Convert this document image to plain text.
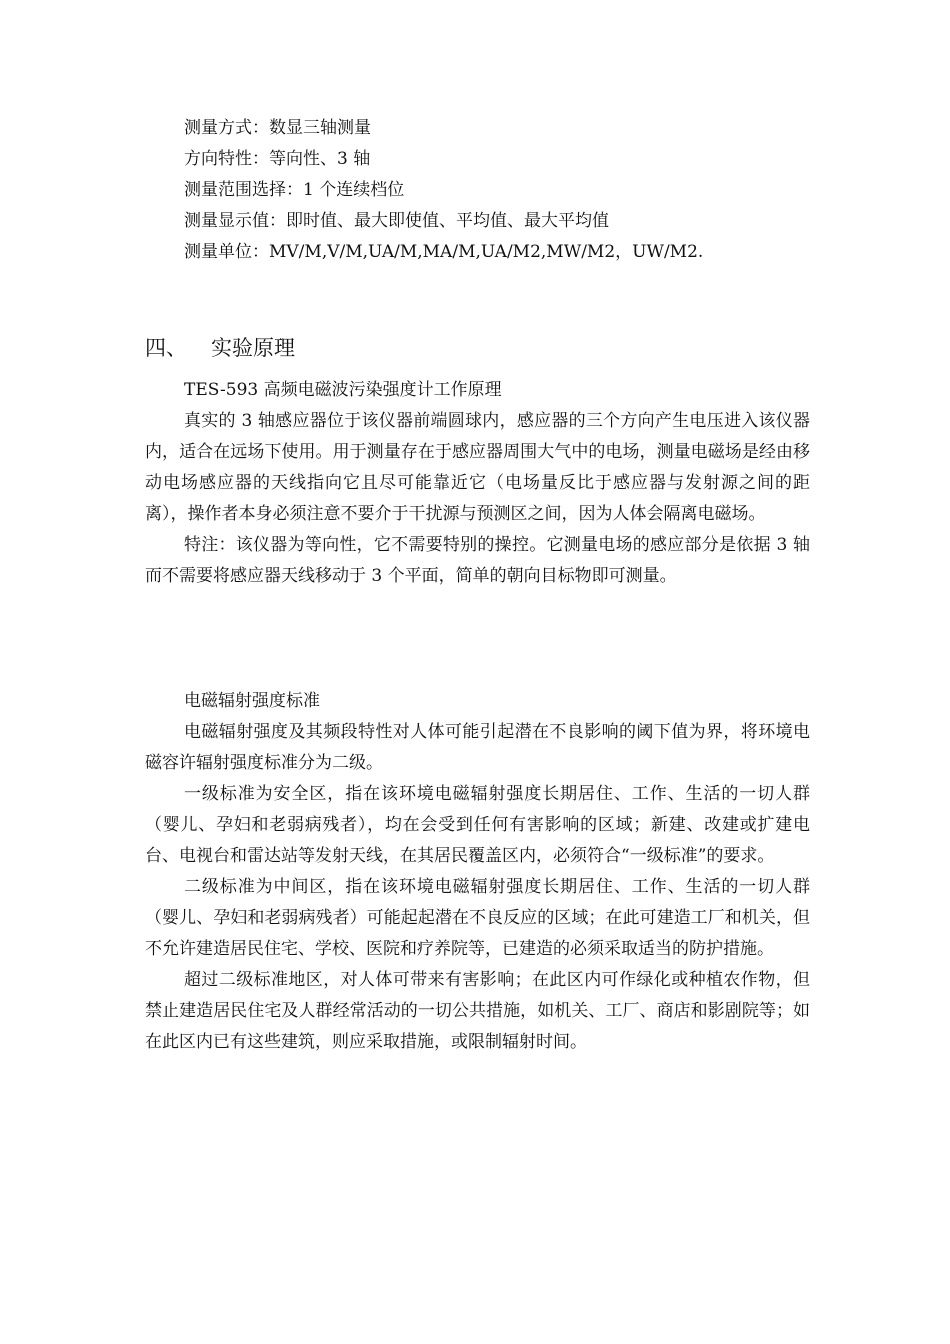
测量方式：数显三轴测量
方向特性：等向性、3 轴
测量范围选择：1 个连续档位
测量显示值：即时值、最大即使值、平均值、最大平均值
测量单位：MV/M,V/M,UA/M,MA/M,UA/M2,MW/M2，UW/M2.

四、 实验原理

TES-593 高频电磁波污染强度计工作原理

真实的 3 轴感应器位于该仪器前端圆球内，感应器的三个方向产生电压进入该仪器内，适合在远场下使用。用于测量存在于感应器周围大气中的电场，测量电磁场是经由移动电场感应器的天线指向它且尽可能靠近它（电场量反比于感应器与发射源之间的距离），操作者本身必须注意不要介于干扰源与预测区之间，因为人体会隔离电磁场。

特注：该仪器为等向性，它不需要特别的操控。它测量电场的感应部分是依据 3 轴而不需要将感应器天线移动于 3 个平面，简单的朝向目标物即可测量。

电磁辐射强度标准

电磁辐射强度及其频段特性对人体可能引起潜在不良影响的阈下值为界，将环境电磁容许辐射强度标准分为二级。

一级标准为安全区，指在该环境电磁辐射强度长期居住、工作、生活的一切人群（婴儿、孕妇和老弱病残者），均在会受到任何有害影响的区域；新建、改建或扩建电台、电视台和雷达站等发射天线，在其居民覆盖区内，必须符合“一级标准”的要求。

二级标准为中间区，指在该环境电磁辐射强度长期居住、工作、生活的一切人群（婴儿、孕妇和老弱病残者）可能起起潜在不良反应的区域；在此可建造工厂和机关，但不允许建造居民住宅、学校、医院和疗养院等，已建造的必须采取适当的防护措施。

超过二级标准地区，对人体可带来有害影响；在此区内可作绿化或种植农作物，但禁止建造居民住宅及人群经常活动的一切公共措施，如机关、工厂、商店和影剧院等；如在此区内已有这些建筑，则应采取措施，或限制辐射时间。
